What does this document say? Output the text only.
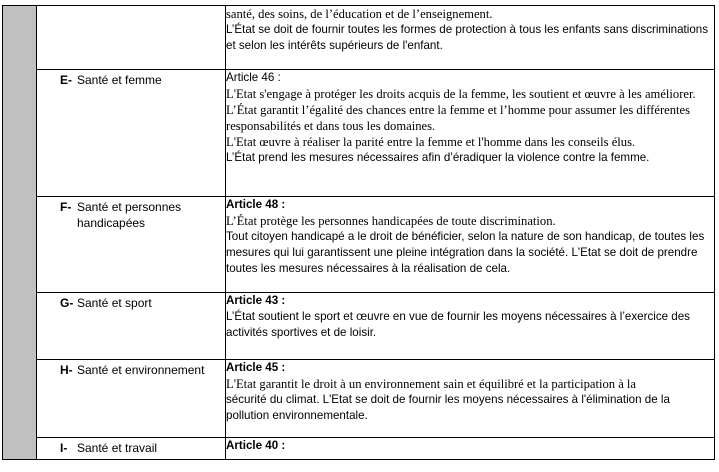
		santé, des soins, de l’éducation et de l’enseignement.
L’État se doit de fournir toutes les formes de protection à tous les enfants sans discriminations et selon les intérêts supérieurs de l'enfant.

	E- Santé et femme	Article 46 :
L'Etat s'engage à protéger les droits acquis de la femme, les soutient et œuvre à les améliorer.
L’État garantit l’égalité des chances entre la femme et l’homme pour assumer les différentes responsabilités et dans tous les domaines.
L'Etat œuvre à réaliser la parité entre la femme et l'homme dans les conseils élus.
L’État prend les mesures nécessaires afin d’éradiquer la violence contre la femme.

	F- Santé et personnes handicapées	Article 48 :
L’État protège les personnes handicapées de toute discrimination.
Tout citoyen handicapé a le droit de bénéficier, selon la nature de son handicap, de toutes les mesures qui lui garantissent une pleine intégration dans la société. L'Etat se doit de prendre toutes les mesures nécessaires à la réalisation de cela.

	G- Santé et sport	Article 43 :
L’État soutient le sport et œuvre en vue de fournir les moyens nécessaires à l’exercice des activités sportives et de loisir.

	H- Santé et environnement	Article 45 :
L'Etat garantit le droit à un environnement sain et équilibré et la participation à la
sécurité du climat. L'Etat se doit de fournir les moyens nécessaires à l'élimination de la pollution environnementale.

	I- Santé et travail	Article 40 :
